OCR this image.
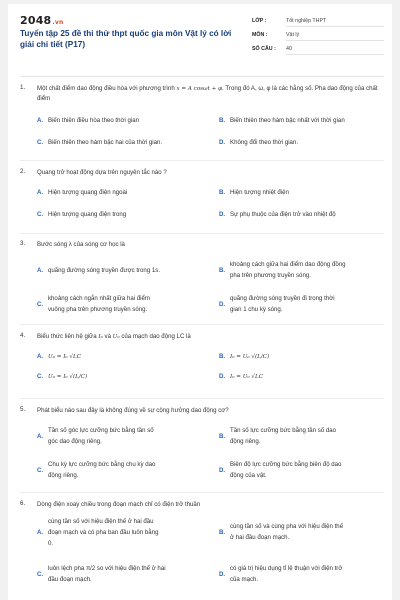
2048.vn
Tuyển tập 25 đề thi thử thpt quốc gia môn Vật lý có lời giải chi tiết (P17)
LỚP :	Tốt nghiệp THPT
MÔN :	Vật lý
SỐ CÂU : 40
1. Một chất điểm dao động điều hòa với phương trình x = A cosωt + φ. Trong đó A, ω, φ là các hằng số. Pha dao động của chất điểm
A. Biến thiên điều hòa theo thời gian	B. Biến thiên theo hàm bậc nhất với thời gian
C. Biến thiên theo hàm bậc hai của thời gian.	D. Không đổi theo thời gian.
2. Quang trở hoạt động dựa trên nguyên tắc nào ?
A. Hiện tượng quang điện ngoài	B. Hiện tượng nhiệt điện
C. Hiện tượng quang điện trong	D. Sự phụ thuộc của điện trở vào nhiệt độ
3. Bước sóng λ của sóng cơ học là
A. quãng đường sóng truyền được trong 1s.	B.
khoảng cách giữa hai điểm dao động đồng
pha trên phương truyền sóng.
C.
khoảng cách ngắn nhất giữa hai điểm
vuông pha trên phương truyền sóng.
D.
quãng đường sóng truyền đi trong thời
gian 1 chu kỳ sóng.
4. Biểu thức liên hệ giữa I₀ và U₀ của mạch dao động LC là
A. U₀ = I₀ √LC	B. I₀ = U₀ √(L/C)
C. U₀ = I₀ √(L/C)	D. I₀ = U₀ √LC
5. Phát biểu nào sau đây là không đúng về sự cộng hưởng dao động cơ?
A.
Tần số góc lực cưỡng bức bằng tần số
góc dao động riêng.
B.
Tần số lực cưỡng bức bằng tần số dao
động riêng.
C.
Chu kỳ lực cưỡng bức bằng chu kỳ dao
động riêng.
D.
Biên độ lực cưỡng bức bằng biên độ dao
động của vật.
6. Dòng điện xoay chiều trong đoạn mạch chỉ có điện trở thuần
A.
cùng tần số với hiệu điện thế ở hai đầu
đoạn mạch và có pha ban đầu luôn bằng
0.
B.
cùng tần số và cùng pha với hiệu điện thế
ở hai đầu đoạn mạch.
C.
luôn lệch pha π/2 so với hiệu điện thế ở hai
đầu đoạn mạch.
D.
có giá trị hiệu dụng tỉ lệ thuận với điện trở
của mạch.
